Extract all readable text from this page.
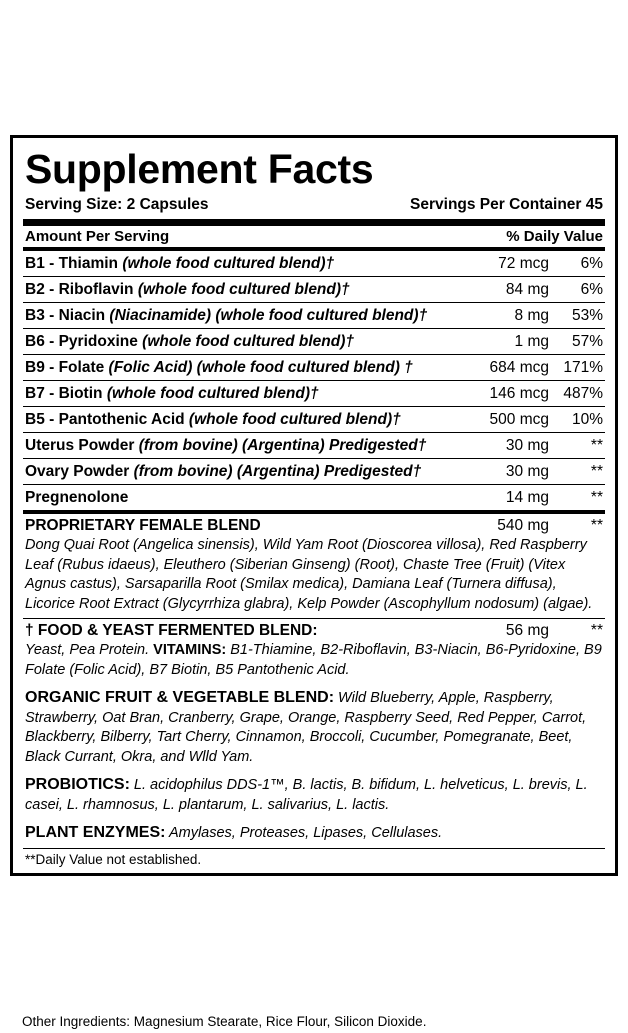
Supplement Facts
Serving Size: 2 Capsules	Servings Per Container 45
Amount Per Serving	% Daily Value
B1 - Thiamin (whole food cultured blend)†	72 mcg	6%
B2 - Riboflavin (whole food cultured blend)†	84 mg	6%
B3 - Niacin (Niacinamide) (whole food cultured blend)†	8 mg	53%
B6 - Pyridoxine (whole food cultured blend)†	1 mg	57%
B9 - Folate (Folic Acid) (whole food cultured blend) †	684 mcg 171%
B7 - Biotin (whole food cultured blend)†	146 mcg 487%
B5 - Pantothenic Acid (whole food cultured blend)†	500 mcg	10%
Uterus Powder (from bovine) (Argentina) Predigested†	30 mg	**
Ovary Powder (from bovine) (Argentina) Predigested†	30 mg	**
Pregnenolone	14 mg	**
PROPRIETARY FEMALE BLEND	540 mg	**
Dong Quai Root (Angelica sinensis), Wild Yam Root (Dioscorea villosa), Red Raspberry Leaf (Rubus idaeus), Eleuthero (Siberian Ginseng) (Root), Chaste Tree (Fruit) (Vitex Agnus castus), Sarsaparilla Root (Smilax medica), Damiana Leaf (Turnera diffusa), Licorice Root Extract (Glycyrrhiza glabra), Kelp Powder (Ascophyllum nodosum) (algae).
† FOOD & YEAST FERMENTED BLEND:	56 mg	**
Yeast, Pea Protein. VITAMINS: B1-Thiamine, B2-Riboflavin, B3-Niacin, B6-Pyridoxine, B9 Folate (Folic Acid), B7 Biotin, B5 Pantothenic Acid.
ORGANIC FRUIT & VEGETABLE BLEND: Wild Blueberry, Apple, Raspberry, Strawberry, Oat Bran, Cranberry, Grape, Orange, Raspberry Seed, Red Pepper, Carrot, Blackberry, Bilberry, Tart Cherry, Cinnamon, Broccoli, Cucumber, Pomegranate, Beet, Black Currant, Okra, and Wlld Yam.
PROBIOTICS: L. acidophilus DDS-1™, B. lactis, B. bifidum, L. helveticus, L. brevis, L. casei, L. rhamnosus, L. plantarum, L. salivarius, L. lactis.
PLANT ENZYMES: Amylases, Proteases, Lipases, Cellulases.
**Daily Value not established.
Other Ingredients: Magnesium Stearate, Rice Flour, Silicon Dioxide.
